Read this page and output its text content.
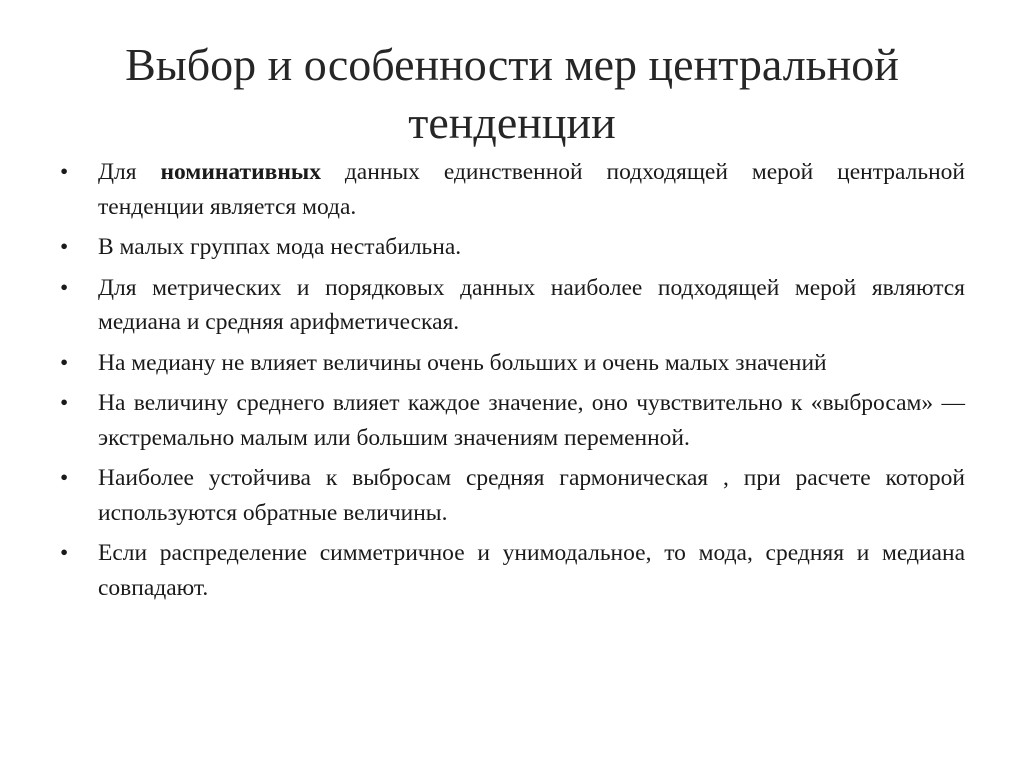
Выбор и особенности мер центральной
тенденции
•	Для номинативных данных единственной подходящей мерой центральной тенденции является мода.
•	В малых группах мода нестабильна.
•	Для метрических и порядковых данных наиболее подходящей мерой являются медиана и средняя арифметическая.
•	На медиану не влияет величины очень больших и очень малых значений
•	На величину среднего влияет каждое значение, оно чувствительно к «выбросам» — экстремально малым или большим значениям переменной.
•	Наиболее устойчива к выбросам средняя гармоническая , при расчете которой используются обратные величины.
•	Если распределение симметричное и унимодальное, то мода, средняя и медиана совпадают.
